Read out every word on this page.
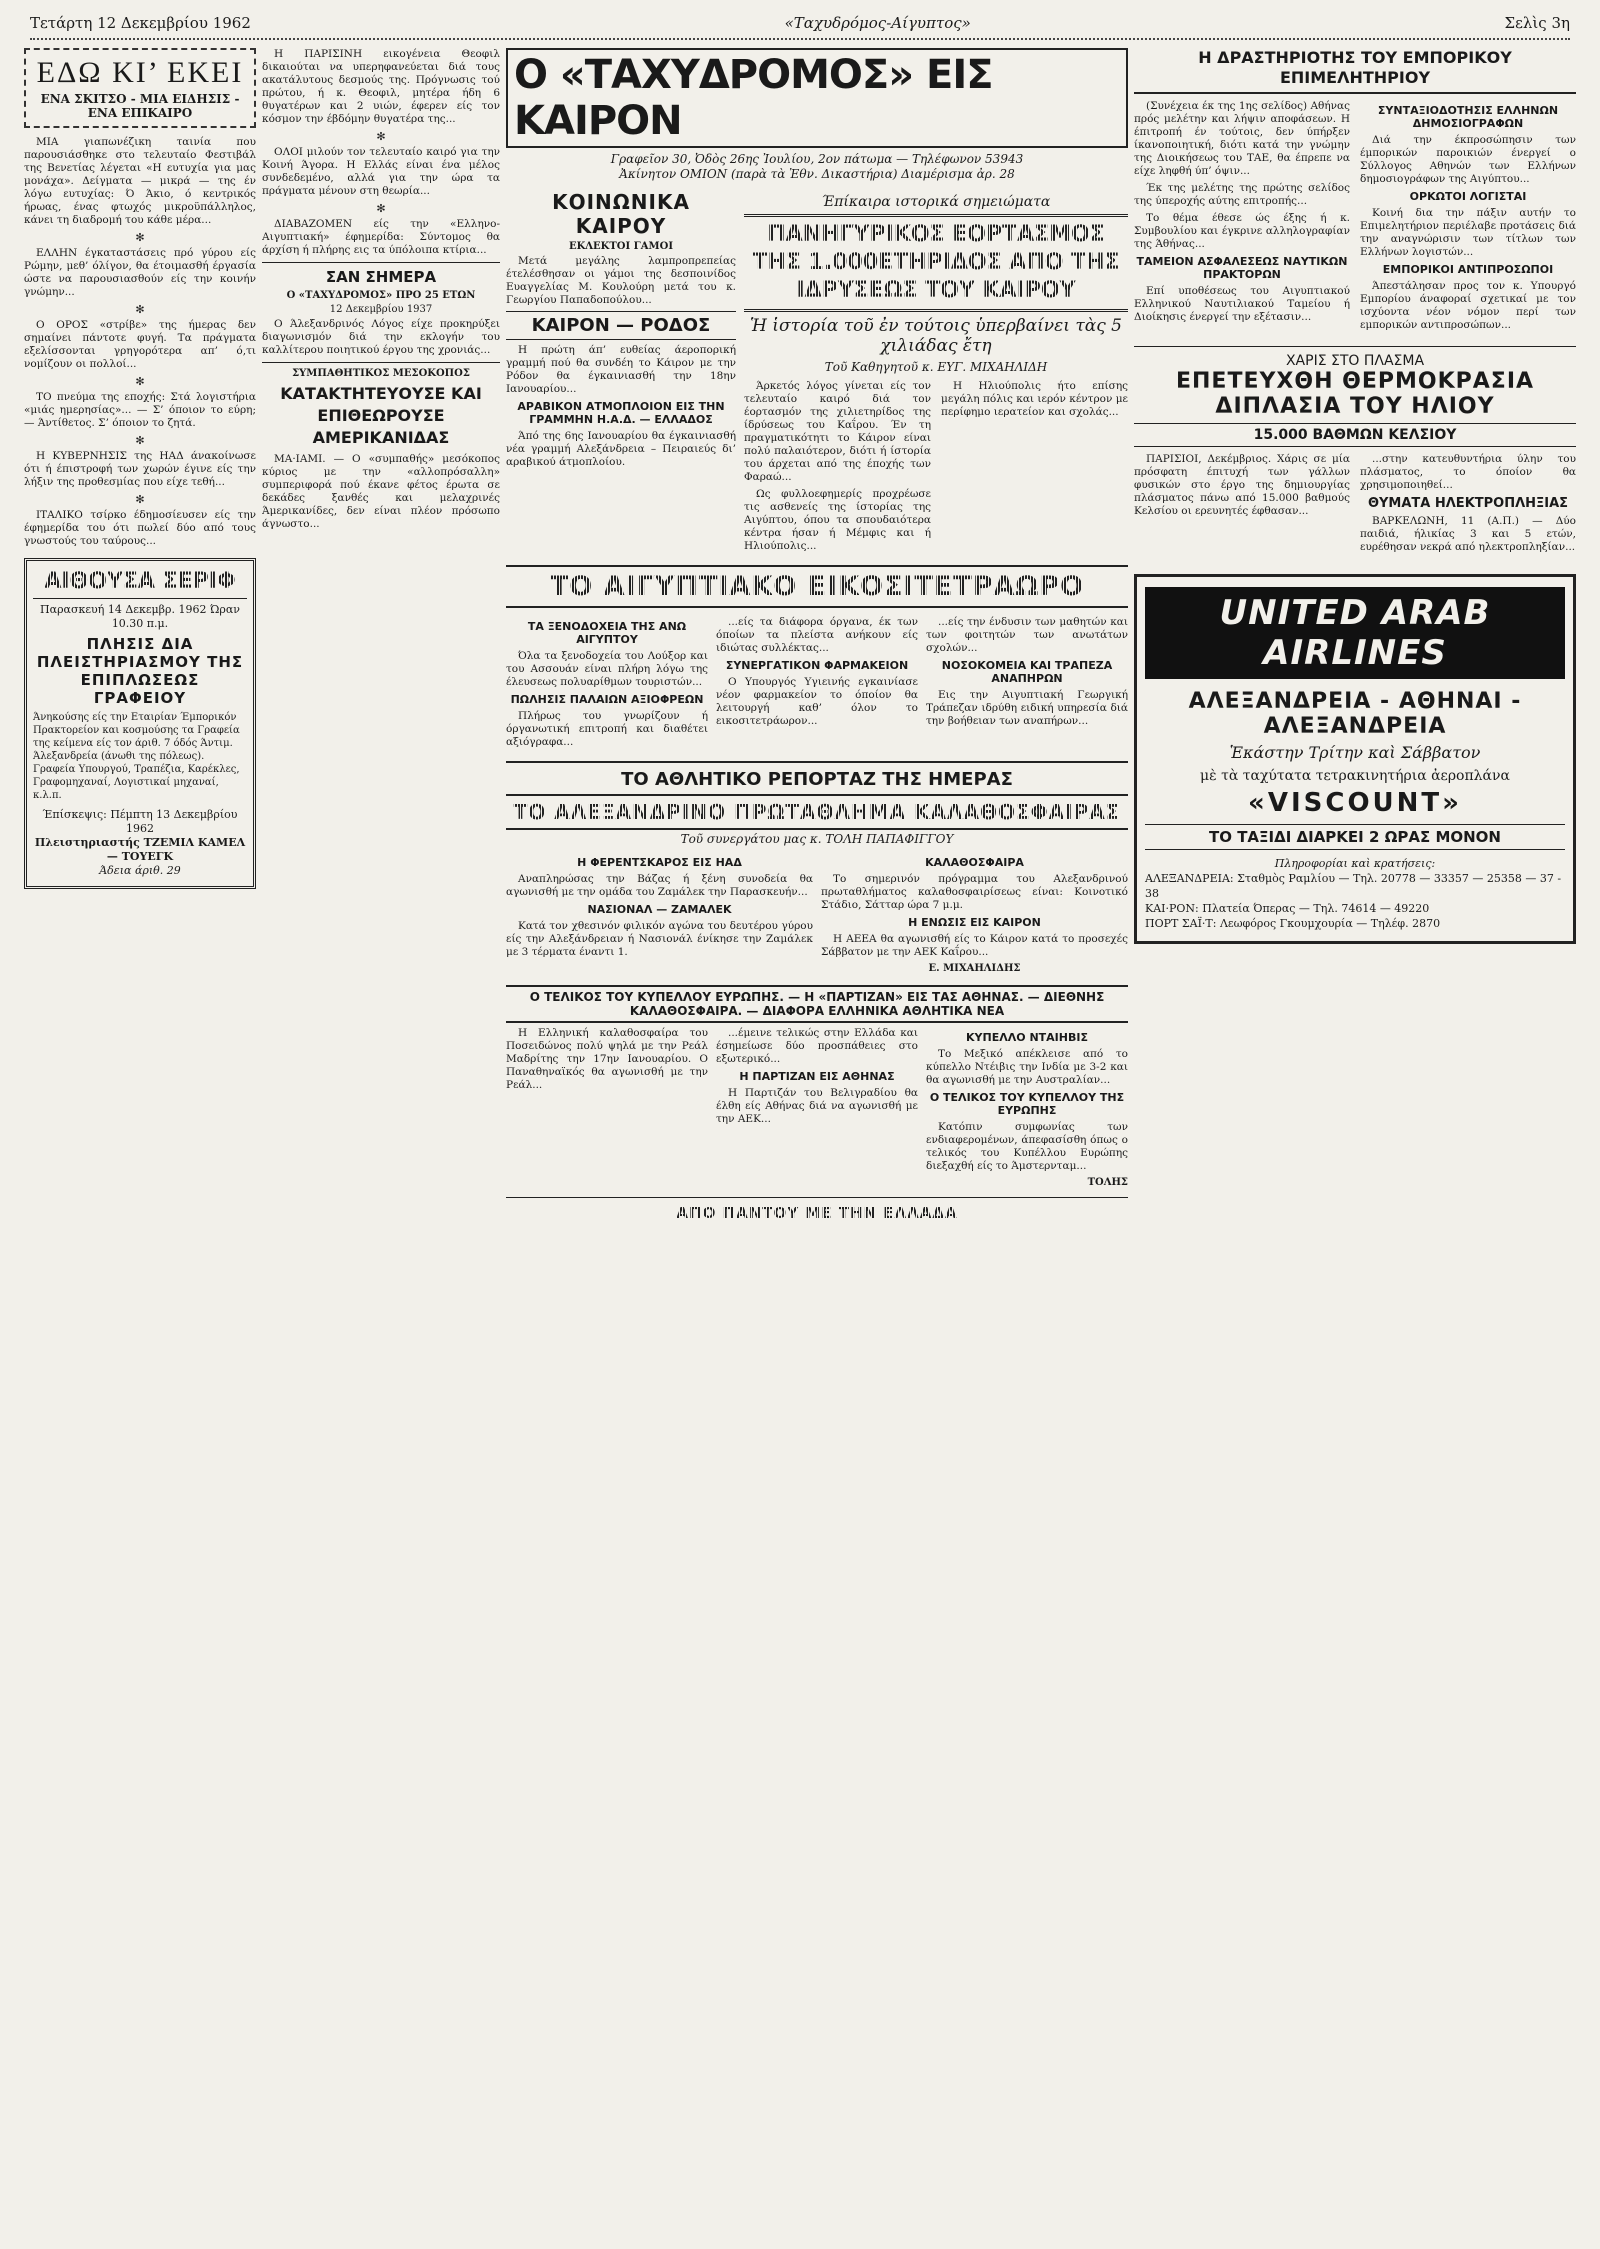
Τετάρτη 12 Δεκεμβρίου 1962	«Ταχυδρόμος-Αίγυπτος»	Σελὶς 3η
ΕΔΩ ΚΙ’ ΕΚΕΙ
ΕΝΑ ΣΚΙΤΣΟ - ΜΙΑ ΕΙΔΗΣΙΣ - ΕΝΑ ΕΠΙΚΑΙΡΟ

ΜΙΑ γιαπωνέζικη ταινία που παρουσιάσθηκε στο τελευταίο Φεστιβάλ της Βενετίας λέγεται «Η ευτυχία για μας μονάχα». Δείγματα — μικρά — της έν λόγω ευτυχίας: Ό Άκιο, ό κεντρικός ήρωας, ένας φτωχός μικροϋπάλληλος, κάνει τη διαδρομή του κάθε μέρα...

✻

ΕΛΛΗΝ έγκαταστάσεις πρό γύρου είς Ρώμην, μεθ’ όλίγον, θα έτοιμασθή έργασία ώστε να παρουσιασθούν είς την κοινήν γνώμην...

✻

Ο ΟΡΟΣ «στρίβε» της ήμερας δεν σημαίνει πάντοτε φυγή. Τα πράγματα εξελίσσονται γρηγορότερα απ’ ό,τι νομίζουν οι πολλοί...

✻

ΤΟ πνεύμα της εποχής: Στά λογιστήρια «μιάς ημερησίας»... — Σ’ όποιον το εύρη; — Άντίθετος. Σ’ όποιον το ζητά.

✻

Η ΚΥΒΕΡΝΗΣΙΣ της ΗΑΔ άνακοίνωσε ότι ή έπιστροφή των χωρών έγινε είς την λήξιν της προθεσμίας που είχε τεθή...

✻

ΙΤΑΛΙΚΟ τσίρκο έδημοσίευσεν είς την έφημερίδα του ότι πωλεί δύο από τους γνωστούς του ταύρους...

ΑΙΘΟΥΣΑ ΣΕΡΙΦ
Παρασκευή 14 Δεκεμβρ. 1962 Ώραν 10.30 π.μ.
ΠΛΗΣΙΣ ΔΙΑ ΠΛΕΙΣΤΗΡΙΑΣΜΟΥ ΤΗΣ ΕΠΙΠΛΩΣΕΩΣ ΓΡΑΦΕΙΟΥ
Άνηκούσης είς την Εταιρίαν Έμπορικόν Πρακτορείον και κοσμούσης τα Γραφεία της κείμενα είς τον άριθ. 7 όδός Άντιμ. Άλεξανδρεία (άνωθι της πόλεως). Γραφεία Υπουργού, Τραπέζια, Καρέκλες, Γραφομηχαναί, Λογιστικαί μηχαναί, κ.λ.π.
Έπίσκεψις: Πέμπτη 13 Δεκεμβρίου 1962
Πλειστηριαστής ΤΖΕΜΙΛ ΚΑΜΕΛ — ΤΟΥΕΓΚ
Άδεια άριθ. 29

Η ΠΑΡΙΣΙΝΗ εικογένεια Θεοφιλ δικαιούται να υπερηφανεύεται διά τους ακατάλυτους δεσμούς της. Πρόγνωσις τού πρώτου, ή κ. Θεοφιλ, μητέρα ήδη 6 θυγατέρων και 2 υιών, έφερεν είς τον κόσμον την έβδόμην θυγατέρα της...

✻

ΟΛΟΙ μιλούν τον τελευταίο καιρό για την Κοινή Άγορα. Η Ελλάς είναι ένα μέλος συνδεδεμένο, αλλά για την ώρα τα πράγματα μένουν στη θεωρία...

✻

ΔΙΑΒΑΖΟΜΕΝ είς την «Ελληνο-Αιγυπτιακή» έφημερίδα: Σύντομος θα άρχίση ή πλήρης εις τα ύπόλοιπα κτίρια...

ΣΑΝ ΣΗΜΕΡΑ
Ο «ΤΑΧΥΔΡΟΜΟΣ» ΠΡΟ 25 ΕΤΩΝ
12 Δεκεμβρίου 1937

Ο Άλεξανδρινός Λόγος είχε προκηρύξει διαγωνισμόν διά την εκλογήν του καλλίτερου ποιητικού έργου της χρονιάς...

ΣΥΜΠΑΘΗΤΙΚΟΣ ΜΕΣΟΚΟΠΟΣ
ΚΑΤΑΚΤΗΤΕΥΟΥΣΕ ΚΑΙ ΕΠΙΘΕΩΡΟΥΣΕ ΑΜΕΡΙΚΑΝΙΔΑΣ

ΜΑ·ΙΑΜΙ. — Ο «συμπαθής» μεσόκοπος κύριος με την «αλλοπρόσαλλη» συμπεριφορά πού έκανε φέτος έρωτα σε δεκάδες ξανθές και μελαχρινές Άμερικανίδες, δεν είναι πλέον πρόσωπο άγνωστο...

Ο «ΤΑΧΥΔΡΟΜΟΣ» ΕΙΣ ΚΑΙΡΟΝ
Γραφεῖον 30, Ὀδὸς 26ης Ἰουλίου, 2ον πάτωμα — Τηλέφωνον 53943
Ἀκίνητον ΟΜΙΟΝ (παρὰ τὰ Ἐθν. Δικαστήρια) Διαμέρισμα ἀρ. 28
ΚΟΙΝΩΝΙΚΑ ΚΑΙΡΟΥ
ΕΚΛΕΚΤΟΙ ΓΑΜΟΙ

Μετά μεγάλης λαμπροπρεπείας έτελέσθησαν οι γάμοι της δεσποινίδος Ευαγγελίας Μ. Κουλούρη μετά του κ. Γεωργίου Παπαδοπούλου...

ΚΑΙΡΟΝ — ΡΟΔΟΣ

Η πρώτη άπ’ ευθείας άεροπορική γραμμή πού θα συνδέη το Κάιρον με την Ρόδον θα έγκαινιασθή την 18ην Ιανουαρίου...

ΑΡΑΒΙΚΟΝ ΑΤΜΟΠΛΟΙΟΝ ΕΙΣ ΤΗΝ ΓΡΑΜΜΗΝ Η.Α.Δ. — ΕΛΛΑΔΟΣ

Άπό της 6ης Ιανουαρίου θα έγκαινιασθή νέα γραμμή Αλεξάνδρεια – Πειραιεύς δι’ αραβικού άτμοπλοίου.

Έπίκαιρα ιστορικά σημειώματα
ΠΑΝΗΓΥΡΙΚΟΣ ΕΟΡΤΑΣΜΟΣ ΤΗΣ 1.000ΕΤΗΡΙΔΟΣ ΑΠΟ ΤΗΣ ΙΔΡΥΣΕΩΣ ΤΟΥ ΚΑΙΡΟΥ
Ἡ ἱστορία τοῦ ἐν τούτοις ὑπερβαίνει τὰς 5 χιλιάδας ἔτη
Τοῦ Καθηγητοῦ κ. ΕΥΓ. ΜΙΧΑΗΛΙΔΗ

Άρκετός λόγος γίνεται είς τον τελευταίο καιρό διά τον έορτασμόν της χιλιετηρίδος της ίδρύσεως του Καΐρου. Έν τη πραγματικότητι το Κάιρον είναι πολύ παλαιότερον, διότι ή ίστορία του άρχεται από της έποχής των Φαραώ...

Ως φυλλοεφημερίς προχρέωσε τις ασθενείς της ίστορίας της Αιγύπτου, όπου τα σπουδαιότερα κέντρα ήσαν ή Μέμφις και ή Ηλιούπολις...

Η Ηλιούπολις ήτο επίσης μεγάλη πόλις και ιερόν κέντρον με περίφημο ιερατείον και σχολάς...

ΤΟ ΑΙΓΥΠΤΙΑΚΟ ΕΙΚΟΣΙΤΕΤΡΑΩΡΟ
ΤΑ ΞΕΝΟΔΟΧΕΙΑ ΤΗΣ ΑΝΩ ΑΙΓΥΠΤΟΥ

Όλα τα ξενοδοχεία του Λούξορ και του Ασσουάν είναι πλήρη λόγω της έλευσεως πολυαρίθμων τουριστών...

ΠΩΛΗΣΙΣ ΠΑΛΑΙΩΝ ΑΞΙΟΦΡΕΩΝ

Πλήρως του γνωρίζουν ή όργανωτική επιτροπή και διαθέτει αξιόγραφα...

...είς τα διάφορα όργανα, έκ των όποίων τα πλείστα ανήκουν είς ιδιώτας συλλέκτας...

ΣΥΝΕΡΓΑΤΙΚΟΝ ΦΑΡΜΑΚΕΙΟΝ

Ο Υπουργός Υγιεινής εγκαινίασε νέον φαρμακείον το όποίον θα λειτουργή καθ’ όλον το εικοσιτετράωρον...

...είς την ένδυσιν των μαθητών και των φοιτητών των ανωτάτων σχολών...

ΝΟΣΟΚΟΜΕΙΑ ΚΑΙ ΤΡΑΠΕΖΑ ΑΝΑΠΗΡΩΝ

Εις την Αιγυπτιακή Γεωργική Τράπεζαν ιδρύθη ειδική υπηρεσία διά την βοήθειαν των αναπήρων...

ΤΟ ΑΘΛΗΤΙΚΟ ΡΕΠΟΡΤΑΖ ΤΗΣ ΗΜΕΡΑΣ
ΤΟ ΑΛΕΞΑΝΔΡΙΝΟ ΠΡΩΤΑΘΛΗΜΑ ΚΑΛΑΘΟΣΦΑΙΡΑΣ
Τοῦ συνεργάτου μας κ. ΤΟΛΗ ΠΑΠΑΦΙΓΓΟΥ
Η ΦΕΡΕΝΤΣΚΑΡΟΣ ΕΙΣ ΗΑΔ

Αναπληρώσας την Βάζας ή ξένη συνοδεία θα αγωνισθή με την ομάδα του Ζαμάλεκ την Παρασκευήν...

ΝΑΣΙΟΝΑΛ — ΖΑΜΑΛΕΚ

Κατά τον χθεσινόν φιλικόν αγώνα του δευτέρου γύρου είς την Αλεξάνδρειαν ή Νασιονάλ ένίκησε την Ζαμάλεκ με 3 τέρματα έναντι 1.

ΚΑΛΑΘΟΣΦΑΙΡΑ

Το σημερινόν πρόγραμμα του Αλεξανδρινού πρωταθλήματος καλαθοσφαιρίσεως είναι: Κοινοτικό Στάδιο, Σάτταρ ώρα 7 μ.μ.

Η ΕΝΩΣΙΣ ΕΙΣ ΚΑΙΡΟΝ

Η ΑΕΕΑ θα αγωνισθή είς το Κάιρον κατά το προσεχές Σάββατον με την ΑΕΚ Καΐρου...

Ε. ΜΙΧΑΗΛΙΔΗΣ
Ο ΤΕΛΙΚΟΣ ΤΟΥ ΚΥΠΕΛΛΟΥ ΕΥΡΩΠΗΣ. — Η «ΠΑΡΤΙΖΑΝ» ΕΙΣ ΤΑΣ ΑΘΗΝΑΣ. — ΔΙΕΘΝΗΣ ΚΑΛΑΘΟΣΦΑΙΡΑ. — ΔΙΑΦΟΡΑ ΕΛΛΗΝΙΚΑ ΑΘΛΗΤΙΚΑ ΝΕΑ

Η Ελληνική καλαθοσφαίρα του Ποσειδώνος πολύ ψηλά με την Ρεάλ Μαδρίτης την 17ην Ιανουαρίου. Ο Παναθηναϊκός θα αγωνισθή με την Ρεάλ...

...έμεινε τελικώς στην Ελλάδα και έσημείωσε δύο προσπάθειες στο εξωτερικό...

Η ΠΑΡΤΙΖΑΝ ΕΙΣ ΑΘΗΝΑΣ

Η Παρτιζάν του Βελιγραδίου θα έλθη είς Αθήνας διά να αγωνισθή με την ΑΕΚ...

ΚΥΠΕΛΛΟ ΝΤΑΙΗΒΙΣ

Το Μεξικό απέκλεισε από το κύπελλο Ντέιβις την Ινδία με 3-2 και θα αγωνισθή με την Αυστραλίαν...

Ο ΤΕΛΙΚΟΣ ΤΟΥ ΚΥΠΕΛΛΟΥ ΤΗΣ ΕΥΡΩΠΗΣ

Κατόπιν συμφωνίας των ενδιαφερομένων, άπεφασίσθη όπως ο τελικός του Κυπέλλου Ευρώπης διεξαχθή είς το Άμστερνταμ...

ΤΟΛΗΣ
ΑΠΟ ΠΑΝΤΟΥ ΜΕ ΤΗΝ ΕΛΛΑΔΑ
Η ΔΡΑΣΤΗΡΙΟΤΗΣ ΤΟΥ ΕΜΠΟΡΙΚΟΥ ΕΠΙΜΕΛΗΤΗΡΙΟΥ

(Συνέχεια έκ της 1ης σελίδος) Αθήνας πρός μελέτην και λήψιν αποφάσεων. Η έπιτροπή έν τούτοις, δεν ύπήρξεν ίκανοποιητική, διότι κατά την γνώμην της Διοικήσεως του ΤΑΕ, θα έπρεπε να είχε ληφθή ύπ’ όψιν...

Έκ της μελέτης της πρώτης σελίδος της ύπεροχής αύτης επιτροπής...

Το θέμα έθεσε ώς έξης ή κ. Συμβουλίου και έγκρινε αλληλογραφίαν της Άθήνας...

ΤΑΜΕΙΟΝ ΑΣΦΑΛΕΣΕΩΣ ΝΑΥΤΙΚΩΝ ΠΡΑΚΤΟΡΩΝ

Επί υποθέσεως του Αιγυπτιακού Ελληνικού Ναυτιλιακού Ταμείου ή Διοίκησις ένεργεί την εξέτασιν...

ΣΥΝΤΑΞΙΟΔΟΤΗΣΙΣ ΕΛΛΗΝΩΝ ΔΗΜΟΣΙΟΓΡΑΦΩΝ

Διά την έκπροσώπησιν των έμπορικών παροικιών ένεργεί ο Σύλλογος Αθηνών των Ελλήνων δημοσιογράφων της Αιγύπτου...

ΟΡΚΩΤΟΙ ΛΟΓΙΣΤΑΙ

Κοινή δια την πάξιν αυτήν το Επιμελητήριον περιέλαβε προτάσεις διά την αναγνώρισιν των τίτλων των Ελλήνων λογιστών...

ΕΜΠΟΡΙΚΟΙ ΑΝΤΙΠΡΟΣΩΠΟΙ

Άπεστάλησαν προς τον κ. Υπουργό Εμπορίου άναφοραί σχετικαί με τον ισχύοντα νέον νόμον περί των εμπορικών αντιπροσώπων...

ΧΑΡΙΣ ΣΤΟ ΠΛΑΣΜΑ
ΕΠΕΤΕΥΧΘΗ ΘΕΡΜΟΚΡΑΣΙΑ ΔΙΠΛΑΣΙΑ ΤΟΥ ΗΛΙΟΥ
15.000 ΒΑΘΜΩΝ ΚΕΛΣΙΟΥ

ΠΑΡΙΣΙΟΙ, Δεκέμβριος. Χάρις σε μία πρόσφατη έπιτυχή των γάλλων φυσικών στο έργο της δημιουργίας πλάσματος πάνω από 15.000 βαθμούς Κελσίου οι ερευνητές έφθασαν...

...στην κατευθυντήρια ύλην του πλάσματος, το όποίον θα χρησιμοποιηθεί...

ΘΥΜΑΤΑ ΗΛΕΚΤΡΟΠΛΗΞΙΑΣ

ΒΑΡΚΕΛΩΝΗ, 11 (Α.Π.) — Δύο παιδιά, ήλικίας 3 και 5 ετών, ευρέθησαν νεκρά από ηλεκτροπληξίαν...

UNITED ARAB AIRLINES
ΑΛΕΞΑΝΔΡΕΙΑ - ΑΘΗΝΑΙ - ΑΛΕΞΑΝΔΡΕΙΑ
Ἑκάστην Τρίτην καὶ Σάββατον
μὲ τὰ ταχύτατα τετρακινητήρια ἀεροπλάνα
«VISCOUNT»
ΤΟ ΤΑΞΙΔΙ ΔΙΑΡΚΕΙ 2 ΩΡΑΣ ΜΟΝΟΝ
Πληροφορίαι καὶ κρατήσεις:
ΑΛΕΞΑΝΔΡΕΙΑ: Σταθμὸς Ραμλίου — Τηλ. 20778 — 33357 — 25358 — 37 - 38
ΚΑΙ·ΡΟΝ: Πλατεία Όπερας — Τηλ. 74614 — 49220
ΠΟΡΤ ΣΑΪ·Τ: Λεωφόρος Γκουμχουρία — Τηλέφ. 2870
